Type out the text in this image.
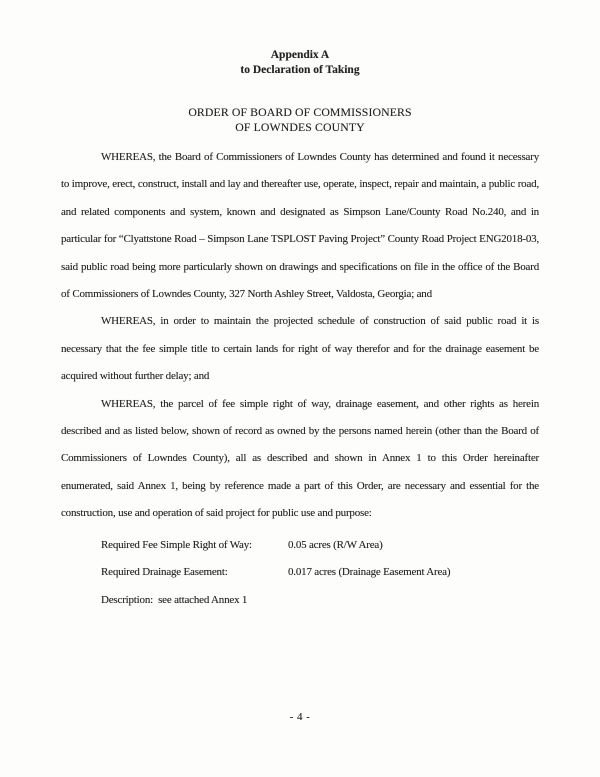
Appendix A
to Declaration of Taking
ORDER OF BOARD OF COMMISSIONERS
OF LOWNDES COUNTY

WHEREAS, the Board of Commissioners of Lowndes County has determined and found it necessary to improve, erect, construct, install and lay and thereafter use, operate, inspect, repair and maintain, a public road, and related components and system, known and designated as Simpson Lane/County Road No.240, and in particular for “Clyattstone Road – Simpson Lane TSPLOST Paving Project” County Road Project ENG2018-03, said public road being more particularly shown on drawings and specifications on file in the office of the Board of Commissioners of Lowndes County, 327 North Ashley Street, Valdosta, Georgia; and

WHEREAS, in order to maintain the projected schedule of construction of said public road it is necessary that the fee simple title to certain lands for right of way therefor and for the drainage easement be acquired without further delay; and

WHEREAS, the parcel of fee simple right of way, drainage easement, and other rights as herein described and as listed below, shown of record as owned by the persons named herein (other than the Board of Commissioners of Lowndes County), all as described and shown in Annex 1 to this Order hereinafter enumerated, said Annex 1, being by reference made a part of this Order, are necessary and essential for the construction, use and operation of said project for public use and purpose:

Required Fee Simple Right of Way:	0.05 acres (R/W Area)
Required Drainage Easement:	0.017 acres (Drainage Easement Area)
Description:  see attached Annex 1
- 4 -
